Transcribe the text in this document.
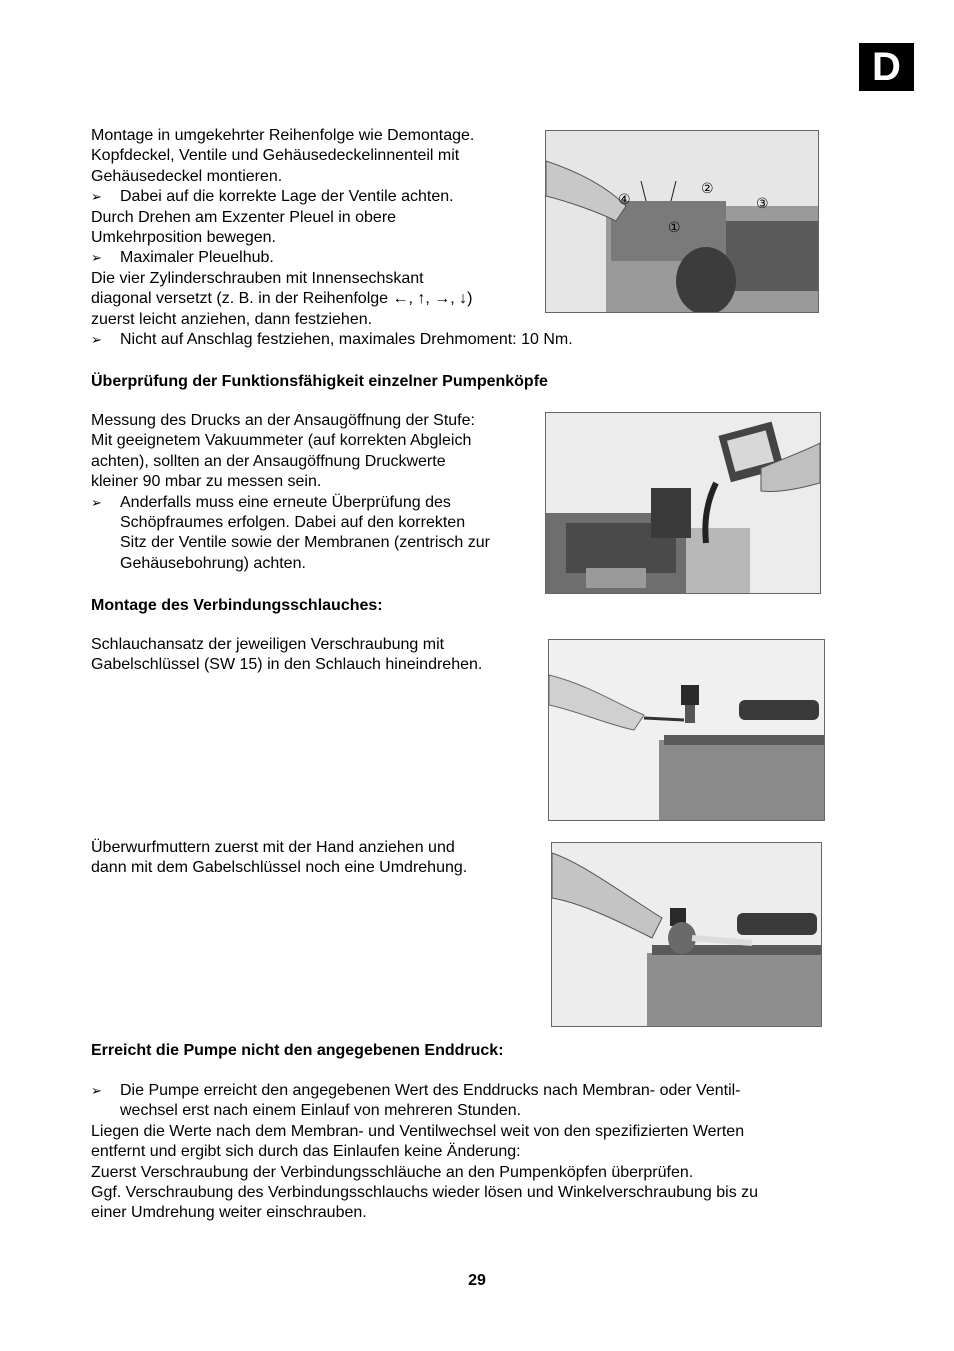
D
Montage in umgekehrter Reihenfolge wie Demontage.
Kopfdeckel, Ventile und Gehäusedeckelinnenteil mit
Gehäusedeckel montieren.
➢ Dabei auf die korrekte Lage der Ventile achten.
Durch Drehen am Exzenter Pleuel in obere
Umkehrposition bewegen.
➢ Maximaler Pleuelhub.
Die vier Zylinderschrauben mit Innensechskant
diagonal versetzt (z. B. in der Reihenfolge ←, ↑, →, ↓)
zuerst leicht anziehen, dann festziehen.
➢ Nicht auf Anschlag festziehen, maximales Drehmoment: 10 Nm.
②
③
④
①
Überprüfung der Funktionsfähigkeit einzelner Pumpenköpfe
Messung des Drucks an der Ansaugöffnung der Stufe:
Mit geeignetem Vakuummeter (auf korrekten Abgleich
achten), sollten an der Ansaugöffnung Druckwerte
kleiner 90 mbar zu messen sein.
➢ Anderfalls muss eine erneute Überprüfung des
Schöpfraumes erfolgen. Dabei auf den korrekten
Sitz der Ventile sowie der Membranen (zentrisch zur
Gehäusebohrung) achten.
Montage des Verbindungsschlauches:
Schlauchansatz der jeweiligen Verschraubung mit
Gabelschlüssel (SW 15) in den Schlauch hineindrehen.
Überwurfmuttern zuerst mit der Hand anziehen und
dann mit dem Gabelschlüssel noch eine Umdrehung.
Erreicht die Pumpe nicht den angegebenen Enddruck:
➢ Die Pumpe erreicht den angegebenen Wert des Enddrucks nach Membran- oder Ventil-
wechsel erst nach einem Einlauf von mehreren Stunden.
Liegen die Werte nach dem Membran- und Ventilwechsel weit von den spezifizierten Werten
entfernt und ergibt sich durch das Einlaufen keine Änderung:
Zuerst Verschraubung der Verbindungsschläuche an den Pumpenköpfen überprüfen.
Ggf. Verschraubung des Verbindungsschlauchs wieder lösen und Winkelverschraubung bis zu
einer Umdrehung weiter einschrauben.
29
